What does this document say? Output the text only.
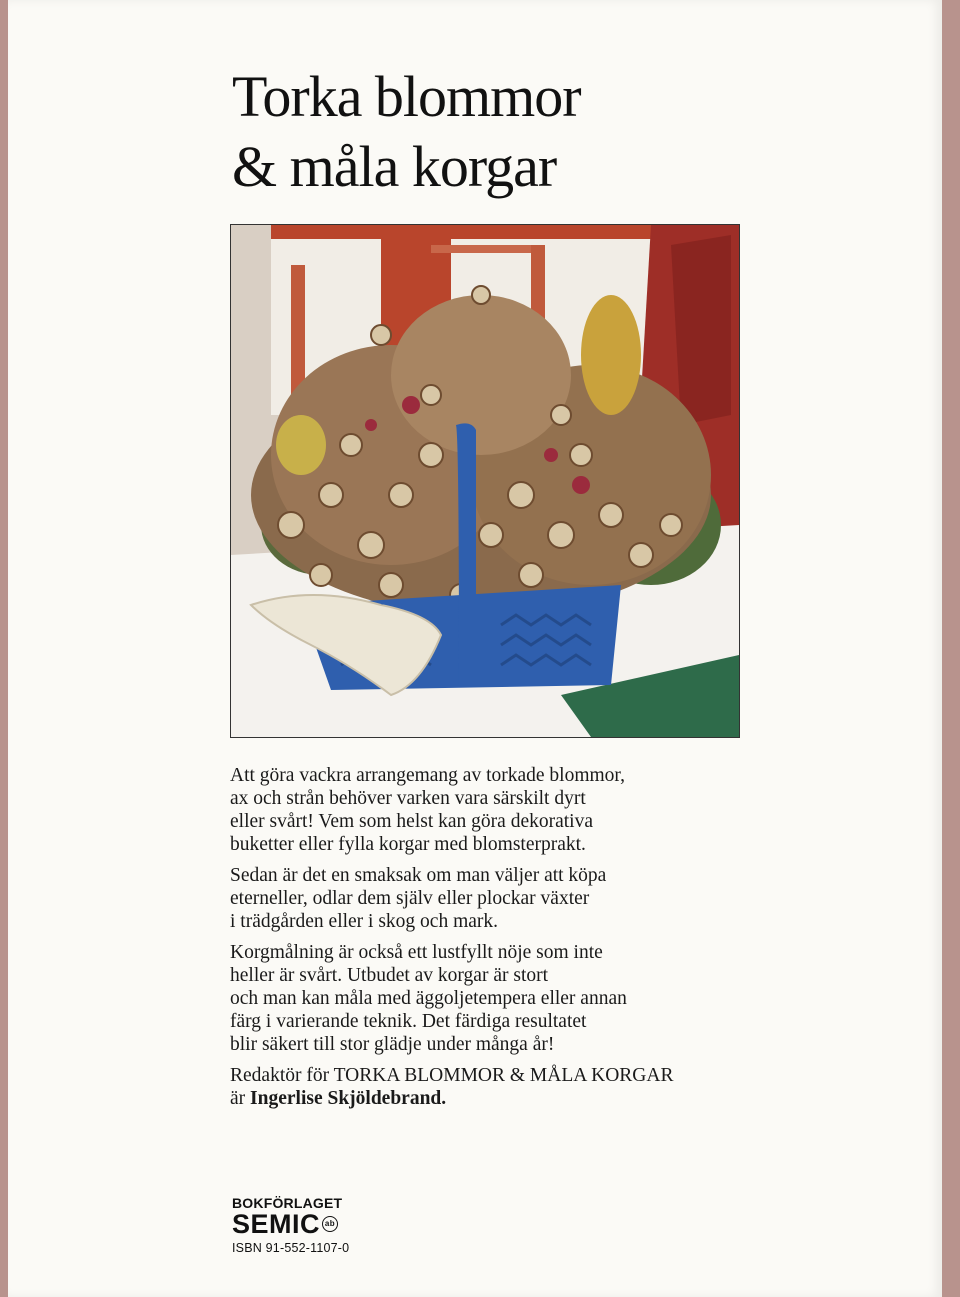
Torka blommor
& måla korgar

Att göra vackra arrangemang av torkade blommor,
ax och strån behöver varken vara särskilt dyrt
eller svårt! Vem som helst kan göra dekorativa
buketter eller fylla korgar med blomsterprakt.

Sedan är det en smaksak om man väljer att köpa
eterneller, odlar dem själv eller plockar växter
i trädgården eller i skog och mark.

Korgmålning är också ett lustfyllt nöje som inte
heller är svårt. Utbudet av korgar är stort
och man kan måla med äggoljetempera eller annan
färg i varierande teknik. Det färdiga resultatet
blir säkert till stor glädje under många år!

Redaktör för TORKA BLOMMOR & MÅLA KORGAR
är Ingerlise Skjöldebrand.

BOKFÖRLAGET
SEMIC ab
ISBN 91-552-1107-0
